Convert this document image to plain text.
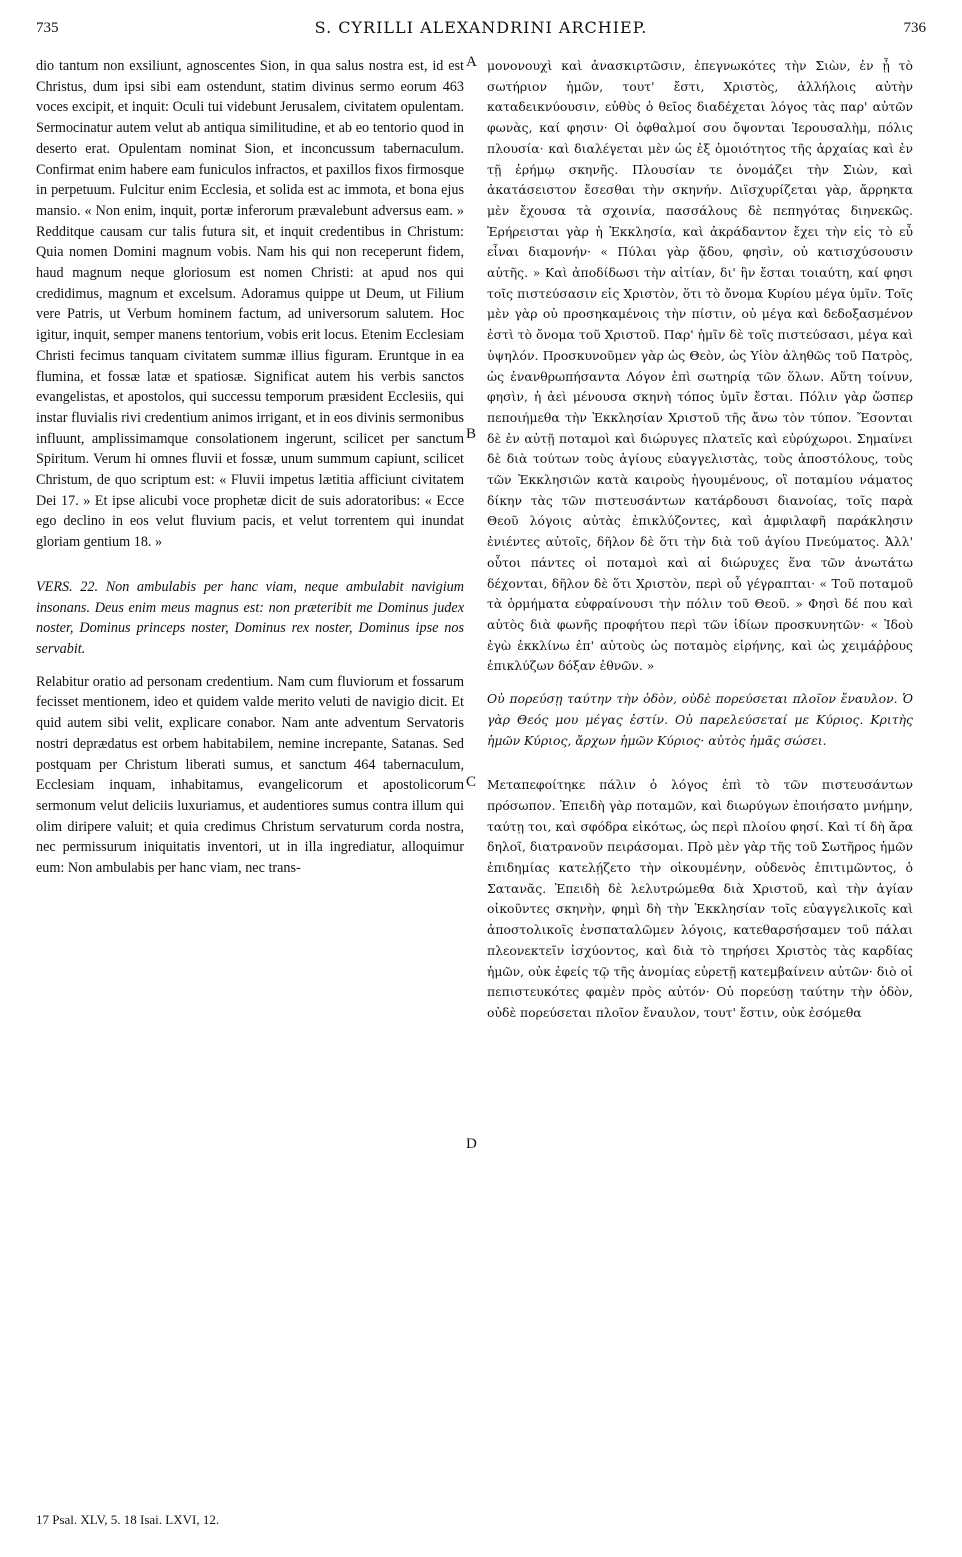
735	S. CYRILLI ALEXANDRINI ARCHIEP.	736

dio tantum non exsiliunt, agnoscentes Sion, in qua salus nostra est, id est Christus, dum ipsi sibi eam ostendunt, statim divinus sermo eorum 463 voces excipit, et inquit: Oculi tui videbunt Jerusalem, civitatem opulentam. Sermocinatur autem velut ab antiqua similitudine, et ab eo tentorio quod in deserto erat. Opulentam nominat Sion, et inconcussum tabernaculum. Confirmat enim habere eam funiculos infractos, et paxillos fixos firmosque in perpetuum. Fulcitur enim Ecclesia, et solida est ac immota, et bona ejus mansio. « Non enim, inquit, portæ inferorum prævalebunt adversus eam. » Redditque causam cur talis futura sit, et inquit credentibus in Christum: Quia nomen Domini magnum vobis. Nam his qui non receperunt fidem, haud magnum neque gloriosum est nomen Christi: at apud nos qui credidimus, magnum et excelsum. Adoramus quippe ut Deum, ut Filium vere Patris, ut Verbum hominem factum, ad universorum salutem. Hoc igitur, inquit, semper manens tentorium, vobis erit locus. Etenim Ecclesiam Christi fecimus tanquam civitatem summæ illius figuram. Eruntque in ea flumina, et fossæ latæ et spatiosæ. Significat autem his verbis sanctos evangelistas, et apostolos, qui successu temporum præsident Ecclesiis, qui instar fluvialis rivi credentium animos irrigant, et in eos divinis sermonibus influunt, amplissimamque consolationem ingerunt, scilicet per sanctum Spiritum. Verum hi omnes fluvii et fossæ, unum summum capiunt, scilicet Christum, de quo scriptum est: « Fluvii impetus lætitia afficiunt civitatem Dei 17. » Et ipse alicubi voce prophetæ dicit de suis adoratoribus: « Ecce ego declino in eos velut fluvium pacis, et velut torrentem qui inundat gloriam gentium 18. »

VERS. 22. Non ambulabis per hanc viam, neque ambulabit navigium insonans. Deus enim meus magnus est: non præteribit me Dominus judex noster, Dominus princeps noster, Dominus rex noster, Dominus ipse nos servabit.

Relabitur oratio ad personam credentium. Nam cum fluviorum et fossarum fecisset mentionem, ideo et quidem valde merito veluti de navigio dicit. Et quid autem sibi velit, explicare conabor. Nam ante adventum Servatoris nostri deprædatus est orbem habitabilem, nemine increpante, Satanas. Sed postquam per Christum liberati sumus, et sanctum 464 tabernaculum, Ecclesiam inquam, inhabitamus, evangelicorum et apostolicorum sermonum velut deliciis luxuriamus, et audentiores sumus contra illum qui olim diripere valuit; et quia credimus Christum servaturum corda nostra, nec permissurum iniquitatis inventori, ut in illa ingrediatur, alloquimur eum: Non ambulabis per hanc viam, nec trans-

A
B
C
D

μονονουχὶ καὶ ἀνασκιρτῶσιν, ἐπεγνωκότες τὴν Σιὼν, ἐν ᾗ τὸ σωτήριον ἡμῶν, τουτ' ἔστι, Χριστὸς, ἀλλήλοις αὐτὴν καταδεικνύουσιν, εὐθὺς ὁ θεῖος διαδέχεται λόγος τὰς παρ' αὐτῶν φωνὰς, καί φησιν· Οἱ ὀφθαλμοί σου ὄψονται Ἱερουσαλὴμ, πόλις πλουσία· καὶ διαλέγεται μὲν ὡς ἐξ ὁμοιότητος τῆς ἀρχαίας καὶ ἐν τῇ ἐρήμῳ σκηνῆς. Πλουσίαν τε ὀνομάζει τὴν Σιὼν, καὶ ἀκατάσειστον ἔσεσθαι τὴν σκηνήν. Διϊσχυρίζεται γὰρ, ἄρρηκτα μὲν ἔχουσα τὰ σχοινία, πασσάλους δὲ πεπηγότας διηνεκῶς. Ἐρήρεισται γὰρ ἡ Ἐκκλησία, καὶ ἀκράδαντον ἔχει τὴν εἰς τὸ εὖ εἶναι διαμονήν· « Πύλαι γὰρ ᾅδου, φησὶν, οὐ κατισχύσουσιν αὐτῆς. » Καὶ ἀποδίδωσι τὴν αἰτίαν, δι' ἣν ἔσται τοιαύτη, καί φησι τοῖς πιστεύσασιν εἰς Χριστὸν, ὅτι τὸ ὄνομα Κυρίου μέγα ὑμῖν. Τοῖς μὲν γὰρ οὐ προσηκαμένοις τὴν πίστιν, οὐ μέγα καὶ δεδοξασμένον ἐστὶ τὸ ὄνομα τοῦ Χριστοῦ. Παρ' ἡμῖν δὲ τοῖς πιστεύσασι, μέγα καὶ ὑψηλόν. Προσκυνοῦμεν γὰρ ὡς Θεὸν, ὡς Υἱὸν ἀληθῶς τοῦ Πατρὸς, ὡς ἐνανθρωπήσαντα Λόγον ἐπὶ σωτηρίᾳ τῶν ὅλων. Αὕτη τοίνυν, φησὶν, ἡ ἀεὶ μένουσα σκηνὴ τόπος ὑμῖν ἔσται. Πόλιν γὰρ ὥσπερ πεποιήμεθα τὴν Ἐκκλησίαν Χριστοῦ τῆς ἄνω τὸν τύπον. Ἔσονται δὲ ἐν αὐτῇ ποταμοὶ καὶ διώρυγες πλατεῖς καὶ εὐρύχωροι. Σημαίνει δὲ διὰ τούτων τοὺς ἁγίους εὐαγγελιστὰς, τοὺς ἀποστόλους, τοὺς τῶν Ἐκκλησιῶν κατὰ καιροὺς ἡγουμένους, οἳ ποταμίου νάματος δίκην τὰς τῶν πιστευσάντων κατάρδουσι διανοίας, τοῖς παρὰ Θεοῦ λόγοις αὐτὰς ἐπικλύζοντες, καὶ ἀμφιλαφῆ παράκλησιν ἐνιέντες αὐτοῖς, δῆλον δὲ ὅτι τὴν διὰ τοῦ ἁγίου Πνεύματος. Ἀλλ' οὗτοι πάντες οἱ ποταμοὶ καὶ αἱ διώρυχες ἕνα τῶν ἀνωτάτω δέχονται, δῆλον δὲ ὅτι Χριστὸν, περὶ οὗ γέγραπται· « Τοῦ ποταμοῦ τὰ ὁρμήματα εὐφραίνουσι τὴν πόλιν τοῦ Θεοῦ. » Φησὶ δέ που καὶ αὐτὸς διὰ φωνῆς προφήτου περὶ τῶν ἰδίων προσκυνητῶν· « Ἰδοὺ ἐγὼ ἐκκλίνω ἐπ' αὐτοὺς ὡς ποταμὸς εἰρήνης, καὶ ὡς χειμάῤῥους ἐπικλύζων δόξαν ἐθνῶν. »

Οὐ πορεύσῃ ταύτην τὴν ὁδὸν, οὐδὲ πορεύσεται πλοῖον ἔναυλον. Ὁ γὰρ Θεός μου μέγας ἐστίν. Οὐ παρελεύσεταί με Κύριος. Κριτὴς ἡμῶν Κύριος, ἄρχων ἡμῶν Κύριος· αὐτὸς ἡμᾶς σώσει.

Μεταπεφοίτηκε πάλιν ὁ λόγος ἐπὶ τὸ τῶν πιστευσάντων πρόσωπον. Ἐπειδὴ γὰρ ποταμῶν, καὶ διωρύγων ἐποιήσατο μνήμην, ταύτῃ τοι, καὶ σφόδρα εἰκότως, ὡς περὶ πλοίου φησί. Καὶ τί δὴ ἄρα δηλοῖ, διατρανοῦν πειράσομαι. Πρὸ μὲν γὰρ τῆς τοῦ Σωτῆρος ἡμῶν ἐπιδημίας κατελῄζετο τὴν οἰκουμένην, οὐδενὸς ἐπιτιμῶντος, ὁ Σατανᾶς. Ἐπειδὴ δὲ λελυτρώμεθα διὰ Χριστοῦ, καὶ τὴν ἁγίαν οἰκοῦντες σκηνὴν, φημὶ δὴ τὴν Ἐκκλησίαν τοῖς εὐαγγελικοῖς καὶ ἀποστολικοῖς ἐνσπαταλῶμεν λόγοις, κατεθαρσήσαμεν τοῦ πάλαι πλεονεκτεῖν ἰσχύοντος, καὶ διὰ τὸ τηρήσει Χριστὸς τὰς καρδίας ἡμῶν, οὐκ ἐφείς τῷ τῆς ἀνομίας εὑρετῇ κατεμβαίνειν αὐτῶν· διὸ οἱ πεπιστευκότες φαμὲν πρὸς αὐτόν· Οὐ πορεύσῃ ταύτην τὴν ὁδὸν, οὐδὲ πορεύσεται πλοῖον ἔναυλον, τουτ' ἔστιν, οὐκ ἐσόμεθα

17 Psal. XLV, 5. 18 Isai. LXVI, 12.
